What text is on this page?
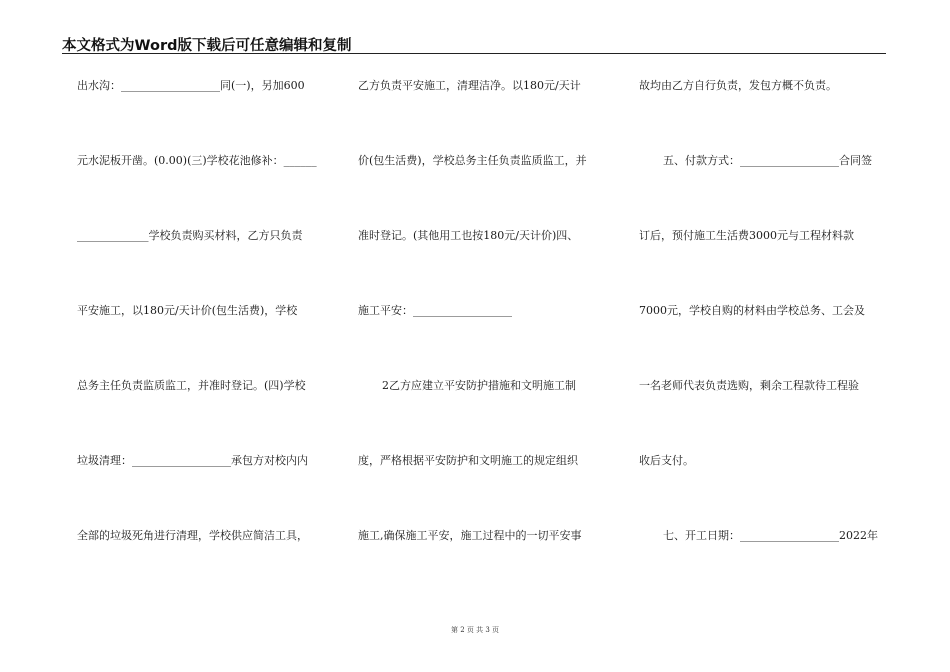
本文格式为Word版下载后可任意编辑和复制
出水沟：__________________同(一)，另加600
元水泥板开凿。(0.00)(三)学校花池修补：______
_____________学校负责购买材料，乙方只负责
平安施工，以180元/天计价(包生活费)，学校
总务主任负责监质监工，并准时登记。(四)学校
垃圾清理：__________________承包方对校内内
全部的垃圾死角进行清理，学校供应简洁工具，
乙方负责平安施工，清理洁净。以180元/天计
价(包生活费)，学校总务主任负责监质监工，并
准时登记。(其他用工也按180元/天计价)四、
施工平安：__________________
2乙方应建立平安防护措施和文明施工制
度，严格根据平安防护和文明施工的规定组织
施工,确保施工平安，施工过程中的一切平安事
故均由乙方自行负责，发包方概不负责。
五、付款方式：__________________合同签
订后，预付施工生活费3000元与工程材料款
7000元，学校自购的材料由学校总务、工会及
一名老师代表负责选购，剩余工程款待工程验
收后支付。
七、开工日期：__________________2022年
第 2 页 共 3 页
